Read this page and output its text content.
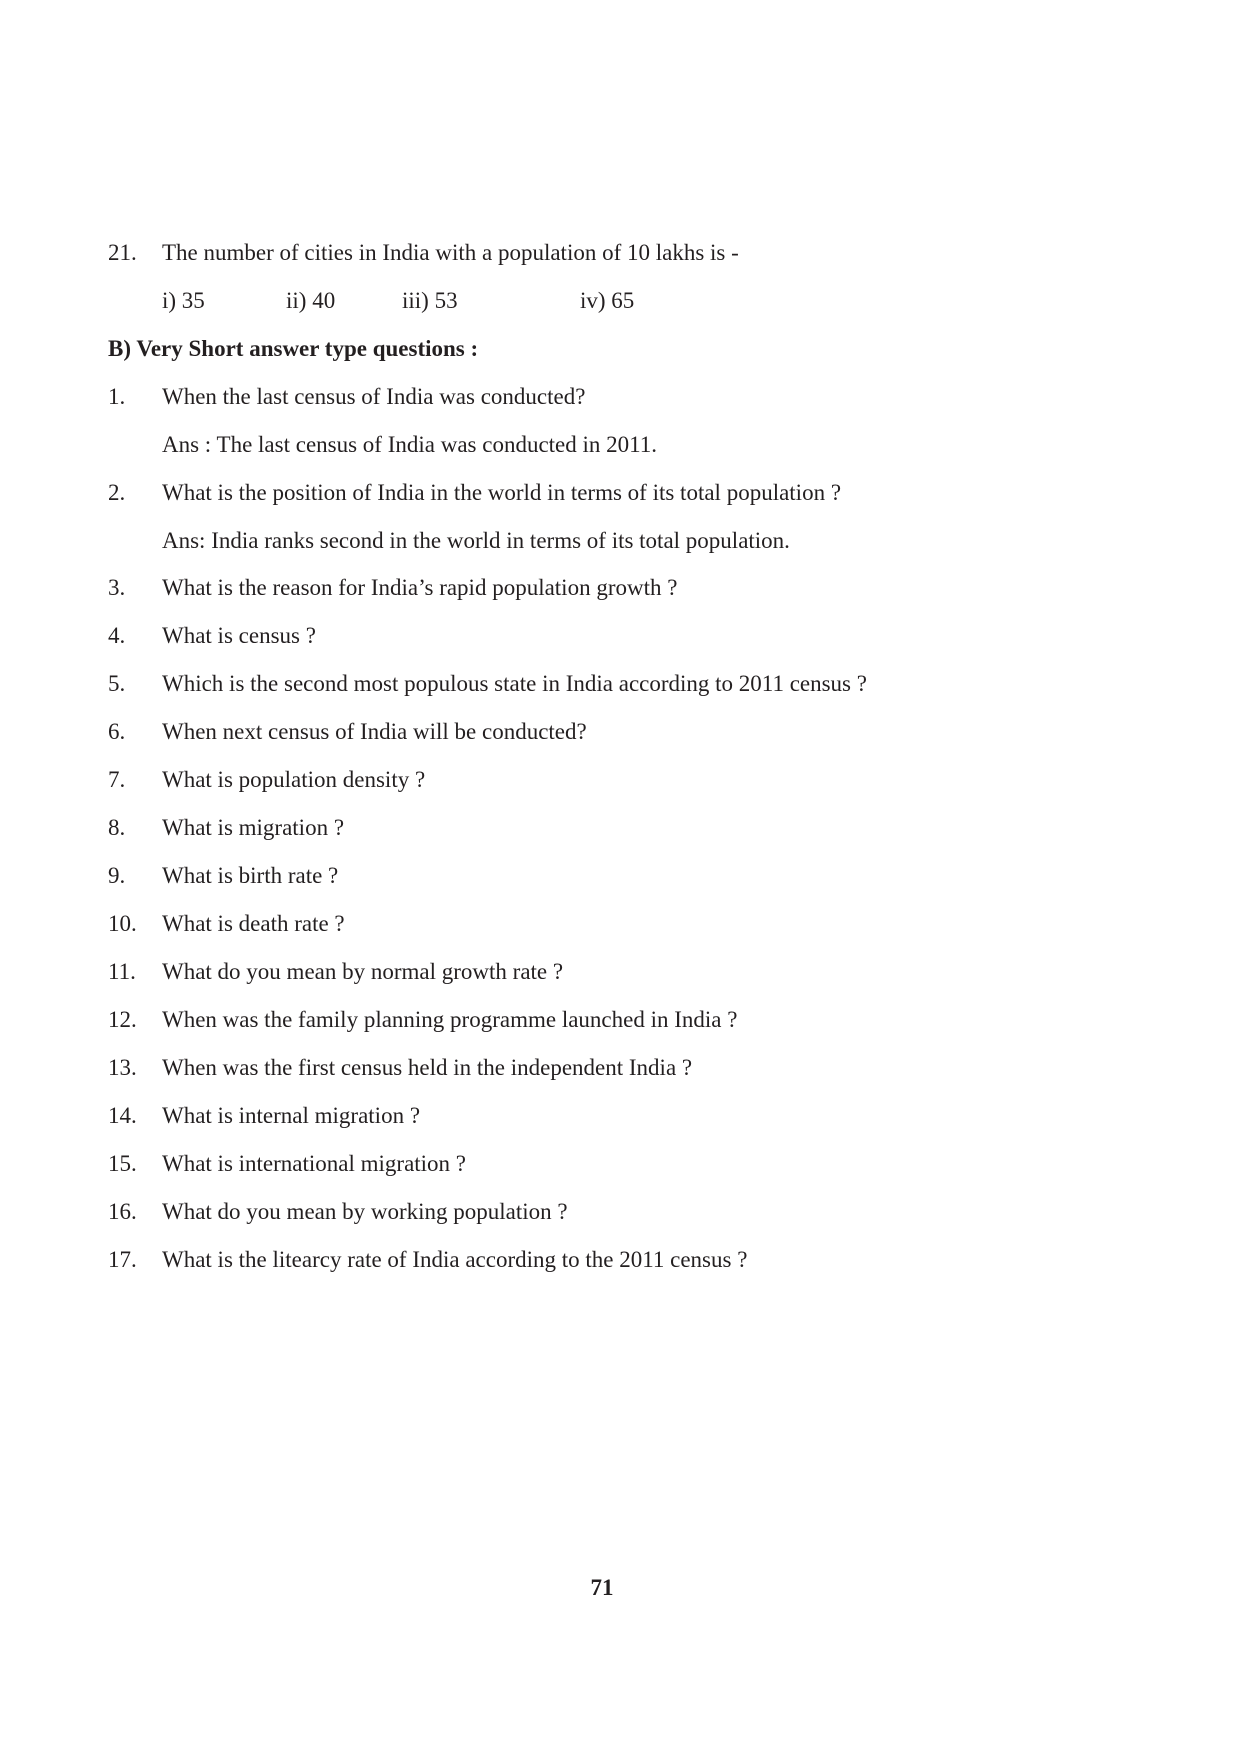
21. The number of cities in India with a population of 10 lakhs is -
i) 35	ii) 40	iii) 53	iv) 65
B) Very Short answer type questions :
1. When the last census of India was conducted?
Ans : The last census of India was conducted in 2011.
2. What is the position of India in the world in terms of its total population ?
Ans: India ranks second in the world in terms of its total population.
3. What is the reason for India’s rapid population growth ?
4. What is census ?
5. Which is the second most populous state in India according to 2011 census ?
6. When next census of India will be conducted?
7. What is population density ?
8. What is migration ?
9. What is birth rate ?
10. What is death rate ?
11. What do you mean by normal growth rate ?
12. When was the family planning programme launched in India ?
13. When was the first census held in the independent India ?
14. What is internal migration ?
15. What is international migration ?
16. What do you mean by working population ?
17. What is the litearcy rate of India according to the 2011 census ?
71
